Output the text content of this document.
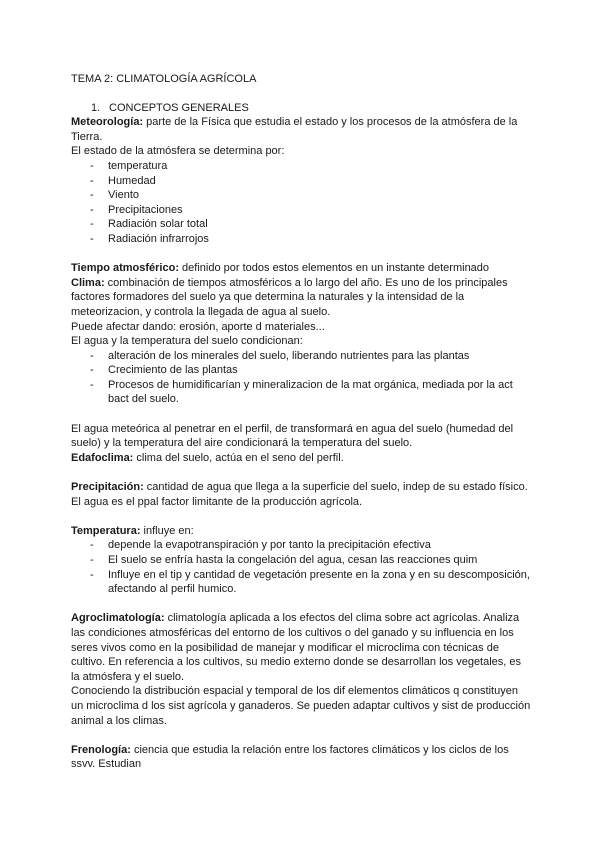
TEMA 2: CLIMATOLOGÍA AGRÍCOLA

1. CONCEPTOS GENERALES

Meteorología: parte de la Física que estudia el estado y los procesos de la atmósfera de la Tierra.

El estado de la atmósfera se determina por:

- temperatura
- Humedad
- Viento
- Precipitaciones
- Radiación solar total
- Radiación infrarrojos

Tiempo atmosférico: definido por todos estos elementos en un instante determinado

Clima: combinación de tiempos atmosféricos a lo largo del año. Es uno de los principales factores formadores del suelo ya que determina la naturales y la intensidad de la meteorizacion, y controla la llegada de agua al suelo.

Puede afectar dando: erosión, aporte d materiales...

El agua y la temperatura del suelo condicionan:

- alteración de los minerales del suelo, liberando nutrientes para las plantas
- Crecimiento de las plantas
- Procesos de humidificarían y mineralizacion de la mat orgánica, mediada por la act bact del suelo.

El agua meteórica al penetrar en el perfil, de transformará en agua del suelo (humedad del suelo) y la temperatura del aire condicionará la temperatura del suelo.

Edafoclima: clima del suelo, actúa en el seno del perfil.

Precipitación: cantidad de agua que llega a la superficie del suelo, indep de su estado físico. El agua es el ppal factor limitante de la producción agrícola.

Temperatura: influye en:

- depende la evapotranspiración y por tanto la precipitación efectiva
- El suelo se enfría hasta la congelación del agua, cesan las reacciones quim
- Influye en el tip y cantidad de vegetación presente en la zona y en su descomposición, afectando al perfil humico.

Agroclimatología: climatología aplicada a los efectos del clima sobre act agrícolas. Analiza las condiciones atmosféricas del entorno de los cultivos o del ganado y su influencia en los seres vivos como en la posibilidad de manejar y modificar el microclima con técnicas de cultivo. En referencia a los cultivos, su medio externo donde se desarrollan los vegetales, es la atmósfera y el suelo.

Conociendo la distribución espacial y temporal de los dif elementos climáticos q constituyen un microclima d los sist agrícola y ganaderos. Se pueden adaptar cultivos y sist de producción animal a los climas.

Frenología: ciencia que estudia la relación entre los factores climáticos y los ciclos de los ssvv. Estudian
